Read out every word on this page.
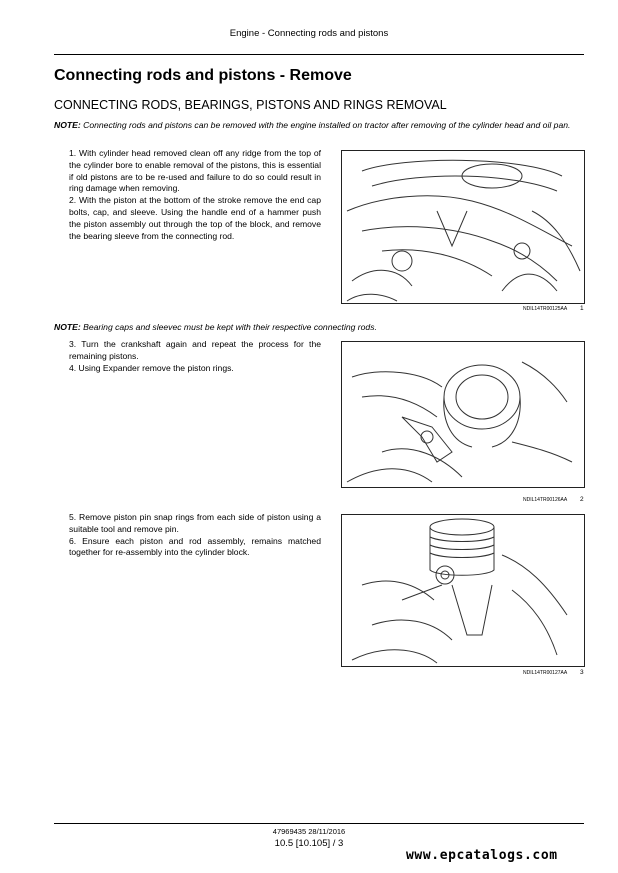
Engine - Connecting rods and pistons
Connecting rods and pistons - Remove
CONNECTING RODS, BEARINGS, PISTONS AND RINGS REMOVAL
NOTE: Connecting rods and pistons can be removed with the engine installed on tractor after removing of the cylinder head and oil pan.

1. With cylinder head removed clean off any ridge from the top of the cylinder bore to enable removal of the pistons, this is essential if old pistons are to be re-used and failure to do so could result in ring damage when removing.

2. With the piston at the bottom of the stroke remove the end cap bolts, cap, and sleeve. Using the handle end of a hammer push the piston assembly out through the top of the block, and remove the bearing sleeve from the connecting rod.

NDIL14TR00125AA 1
NOTE: Bearing caps and sleevec must be kept with their respective connecting rods.

3. Turn the crankshaft again and repeat the process for the remaining pistons.

4. Using Expander remove the piston rings.

NDIL14TR00126AA 2

5. Remove piston pin snap rings from each side of piston using a suitable tool and remove pin.

6. Ensure each piston and rod assembly, remains matched together for re-assembly into the cylinder block.

NDIL14TR00127AA 3
47969435 28/11/2016
10.5 [10.105] / 3
www.epcatalogs.com
